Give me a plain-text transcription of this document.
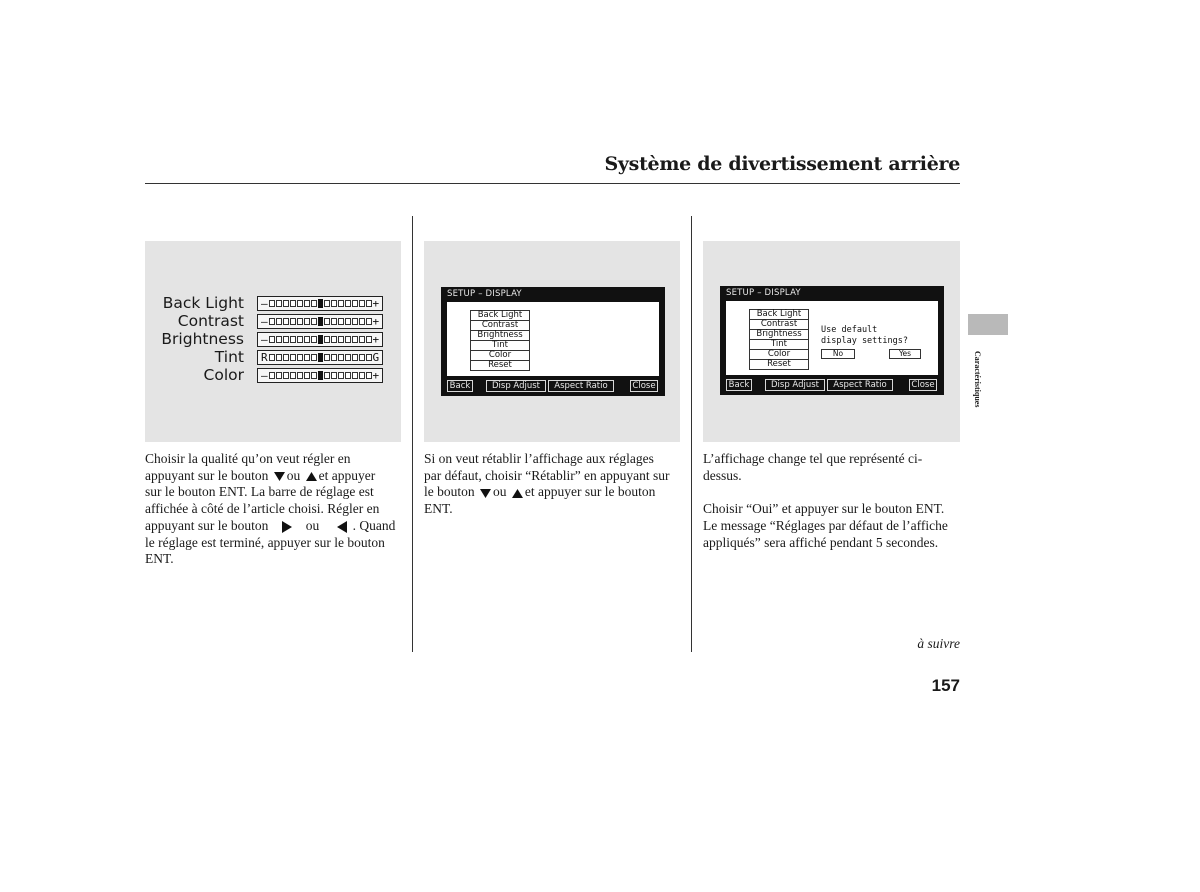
Système de divertissement arrière
Back Light —	+
Contrast —	+
Brightness —	+
Tint R	G
Color —	+
SETUP – DISPLAY
Back Light
Contrast
Brightness
Tint
Color
Reset
Back	Disp Adjust	Aspect Ratio	Close
SETUP – DISPLAY
Back Light
Contrast
Brightness
Tint
Color
Reset
Use default
display settings?
No	Yes
Back	Disp Adjust	Aspect Ratio	Close
Choisir la qualité qu’on veut régler en
appuyant sur le bouton ou et appuyer
sur le bouton ENT. La barre de réglage est
affichée à côté de l’article choisi. Régler en
appuyant sur le bouton	ou . Quand
le réglage est terminé, appuyer sur le bouton
ENT.
Si on veut rétablir l’affichage aux réglages
par défaut, choisir “Rétablir” en appuyant sur
le bouton ou et appuyer sur le bouton
ENT.

L’affichage change tel que représenté ci-
dessus.

Choisir “Oui” et appuyer sur le bouton ENT.
Le message “Réglages par défaut de l’affiche
appliqués” sera affiché pendant 5 secondes.

Caractéristiques
à suivre
157
